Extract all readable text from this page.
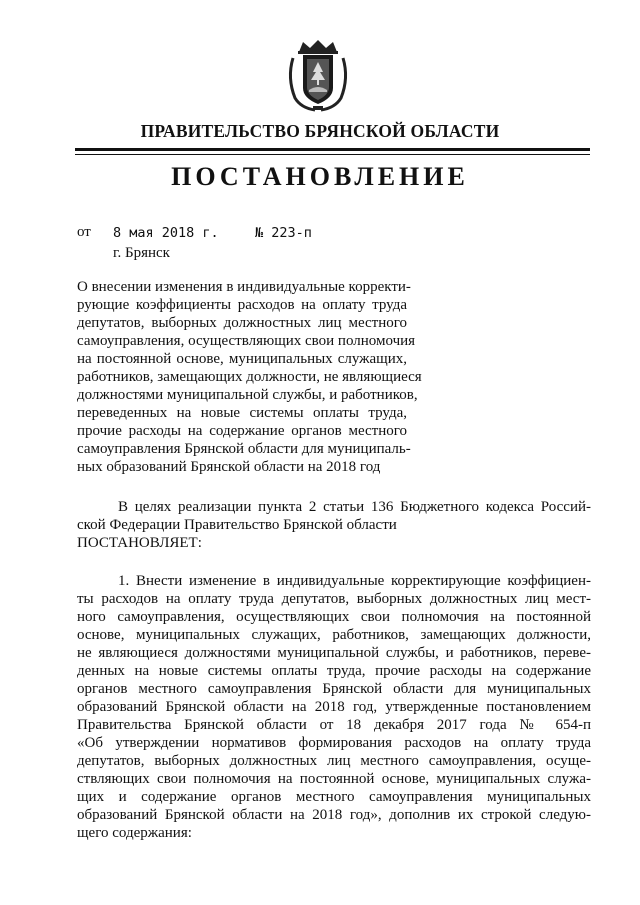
ПРАВИТЕЛЬСТВО БРЯНСКОЙ ОБЛАСТИ
ПОСТАНОВЛЕНИЕ
от 8 мая 2018 г.	№ 223-п
г. Брянск
О внесении изменения в индивидуальные корректи-
рующие коэффициенты расходов на оплату труда
депутатов, выборных должностных лиц местного
самоуправления, осуществляющих свои полномочия
на постоянной основе, муниципальных служащих,
работников, замещающих должности, не являющиеся
должностями муниципальной службы, и работников,
переведенных на новые системы оплаты труда,
прочие расходы на содержание органов местного
самоуправления Брянской области для муниципаль-
ных образований Брянской области на 2018 год
В целях реализации пункта 2 статьи 136 Бюджетного кодекса Россий-
ской Федерации Правительство Брянской области
ПОСТАНОВЛЯЕТ:
1. Внести изменение в индивидуальные корректирующие коэффициен-
ты расходов на оплату труда депутатов, выборных должностных лиц мест-
ного самоуправления, осуществляющих свои полномочия на постоянной
основе, муниципальных служащих, работников, замещающих должности,
не являющиеся должностями муниципальной службы, и работников, переве-
денных на новые системы оплаты труда, прочие расходы на содержание
органов местного самоуправления Брянской области для муниципальных
образований Брянской области на 2018 год, утвержденные постановлением
Правительства Брянской области от 18 декабря 2017 года № 654-п
«Об утверждении нормативов формирования расходов на оплату труда
депутатов, выборных должностных лиц местного самоуправления, осуще-
ствляющих свои полномочия на постоянной основе, муниципальных служа-
щих и содержание органов местного самоуправления муниципальных
образований Брянской области на 2018 год», дополнив их строкой следую-
щего содержания:
